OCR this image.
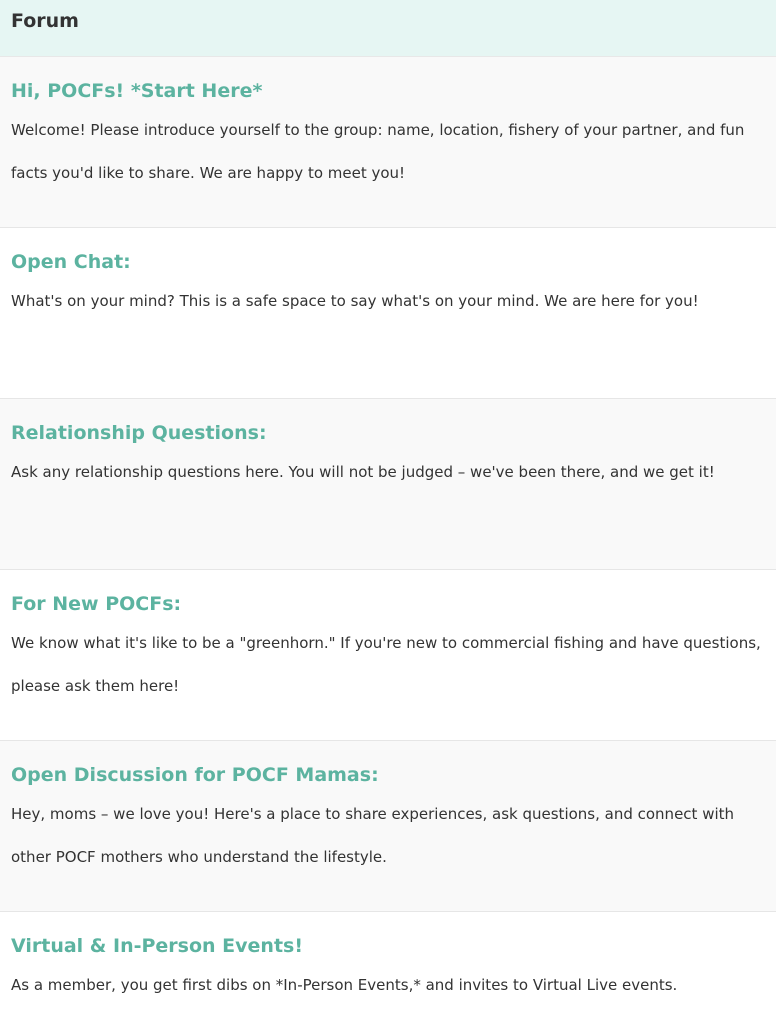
Forum
Hi, POCFs! *Start Here*
Welcome! Please introduce yourself to the group: name, location, fishery of your partner, and fun facts you'd like to share. We are happy to meet you!
Open Chat:
What's on your mind? This is a safe space to say what's on your mind. We are here for you!
Relationship Questions:
Ask any relationship questions here. You will not be judged – we've been there, and we get it!
For New POCFs:
We know what it's like to be a "greenhorn." If you're new to commercial fishing and have questions, please ask them here!
Open Discussion for POCF Mamas:
Hey, moms – we love you! Here's a place to share experiences, ask questions, and connect with other POCF mothers who understand the lifestyle.
Virtual & In-Person Events!
As a member, you get first dibs on *In-Person Events,* and invites to Virtual Live events.
